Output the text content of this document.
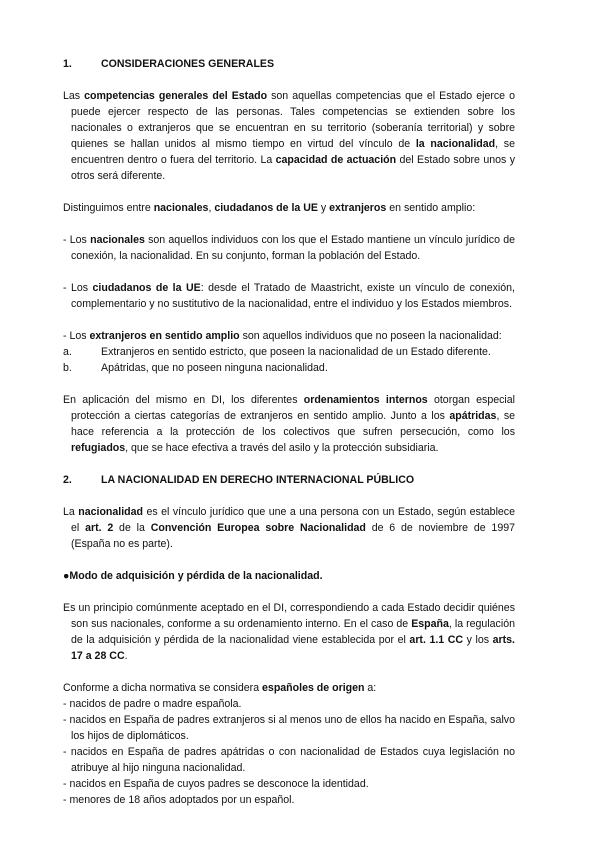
1.	CONSIDERACIONES GENERALES

Las competencias generales del Estado son aquellas competencias que el Estado ejerce o puede ejercer respecto de las personas. Tales competencias se extienden sobre los nacionales o extranjeros que se encuentran en su territorio (soberanía territorial) y sobre quienes se hallan unidos al mismo tiempo en virtud del vínculo de la nacionalidad, se encuentren dentro o fuera del territorio. La capacidad de actuación del Estado sobre unos y otros será diferente.

Distinguimos entre nacionales, ciudadanos de la UE y extranjeros en sentido amplio:

- Los nacionales son aquellos individuos con los que el Estado mantiene un vínculo jurídico de conexión, la nacionalidad. En su conjunto, forman la población del Estado.

- Los ciudadanos de la UE: desde el Tratado de Maastricht, existe un vínculo de conexión, complementario y no sustitutivo de la nacionalidad, entre el individuo y los Estados miembros.

- Los extranjeros en sentido amplio son aquellos individuos que no poseen la nacionalidad:

a.	Extranjeros en sentido estricto, que poseen la nacionalidad de un Estado diferente.
b.	Apátridas, que no poseen ninguna nacionalidad.

En aplicación del mismo en DI, los diferentes ordenamientos internos otorgan especial protección a ciertas categorías de extranjeros en sentido amplio. Junto a los apátridas, se hace referencia a la protección de los colectivos que sufren persecución, como los refugiados, que se hace efectiva a través del asilo y la protección subsidiaria.

2.	LA NACIONALIDAD EN DERECHO INTERNACIONAL PÚBLICO

La nacionalidad es el vínculo jurídico que une a una persona con un Estado, según establece el art. 2 de la Convención Europea sobre Nacionalidad de 6 de noviembre de 1997 (España no es parte).

●Modo de adquisición y pérdida de la nacionalidad.

Es un principio comúnmente aceptado en el DI, correspondiendo a cada Estado decidir quiénes son sus nacionales, conforme a su ordenamiento interno. En el caso de España, la regulación de la adquisición y pérdida de la nacionalidad viene establecida por el art. 1.1 CC y los arts. 17 a 28 CC.

Conforme a dicha normativa se considera españoles de origen a:

- nacidos de padre o madre española.

- nacidos en España de padres extranjeros si al menos uno de ellos ha nacido en España, salvo los hijos de diplomáticos.

- nacidos en España de padres apátridas o con nacionalidad de Estados cuya legislación no atribuye al hijo ninguna nacionalidad.

- nacidos en España de cuyos padres se desconoce la identidad.

- menores de 18 años adoptados por un español.
